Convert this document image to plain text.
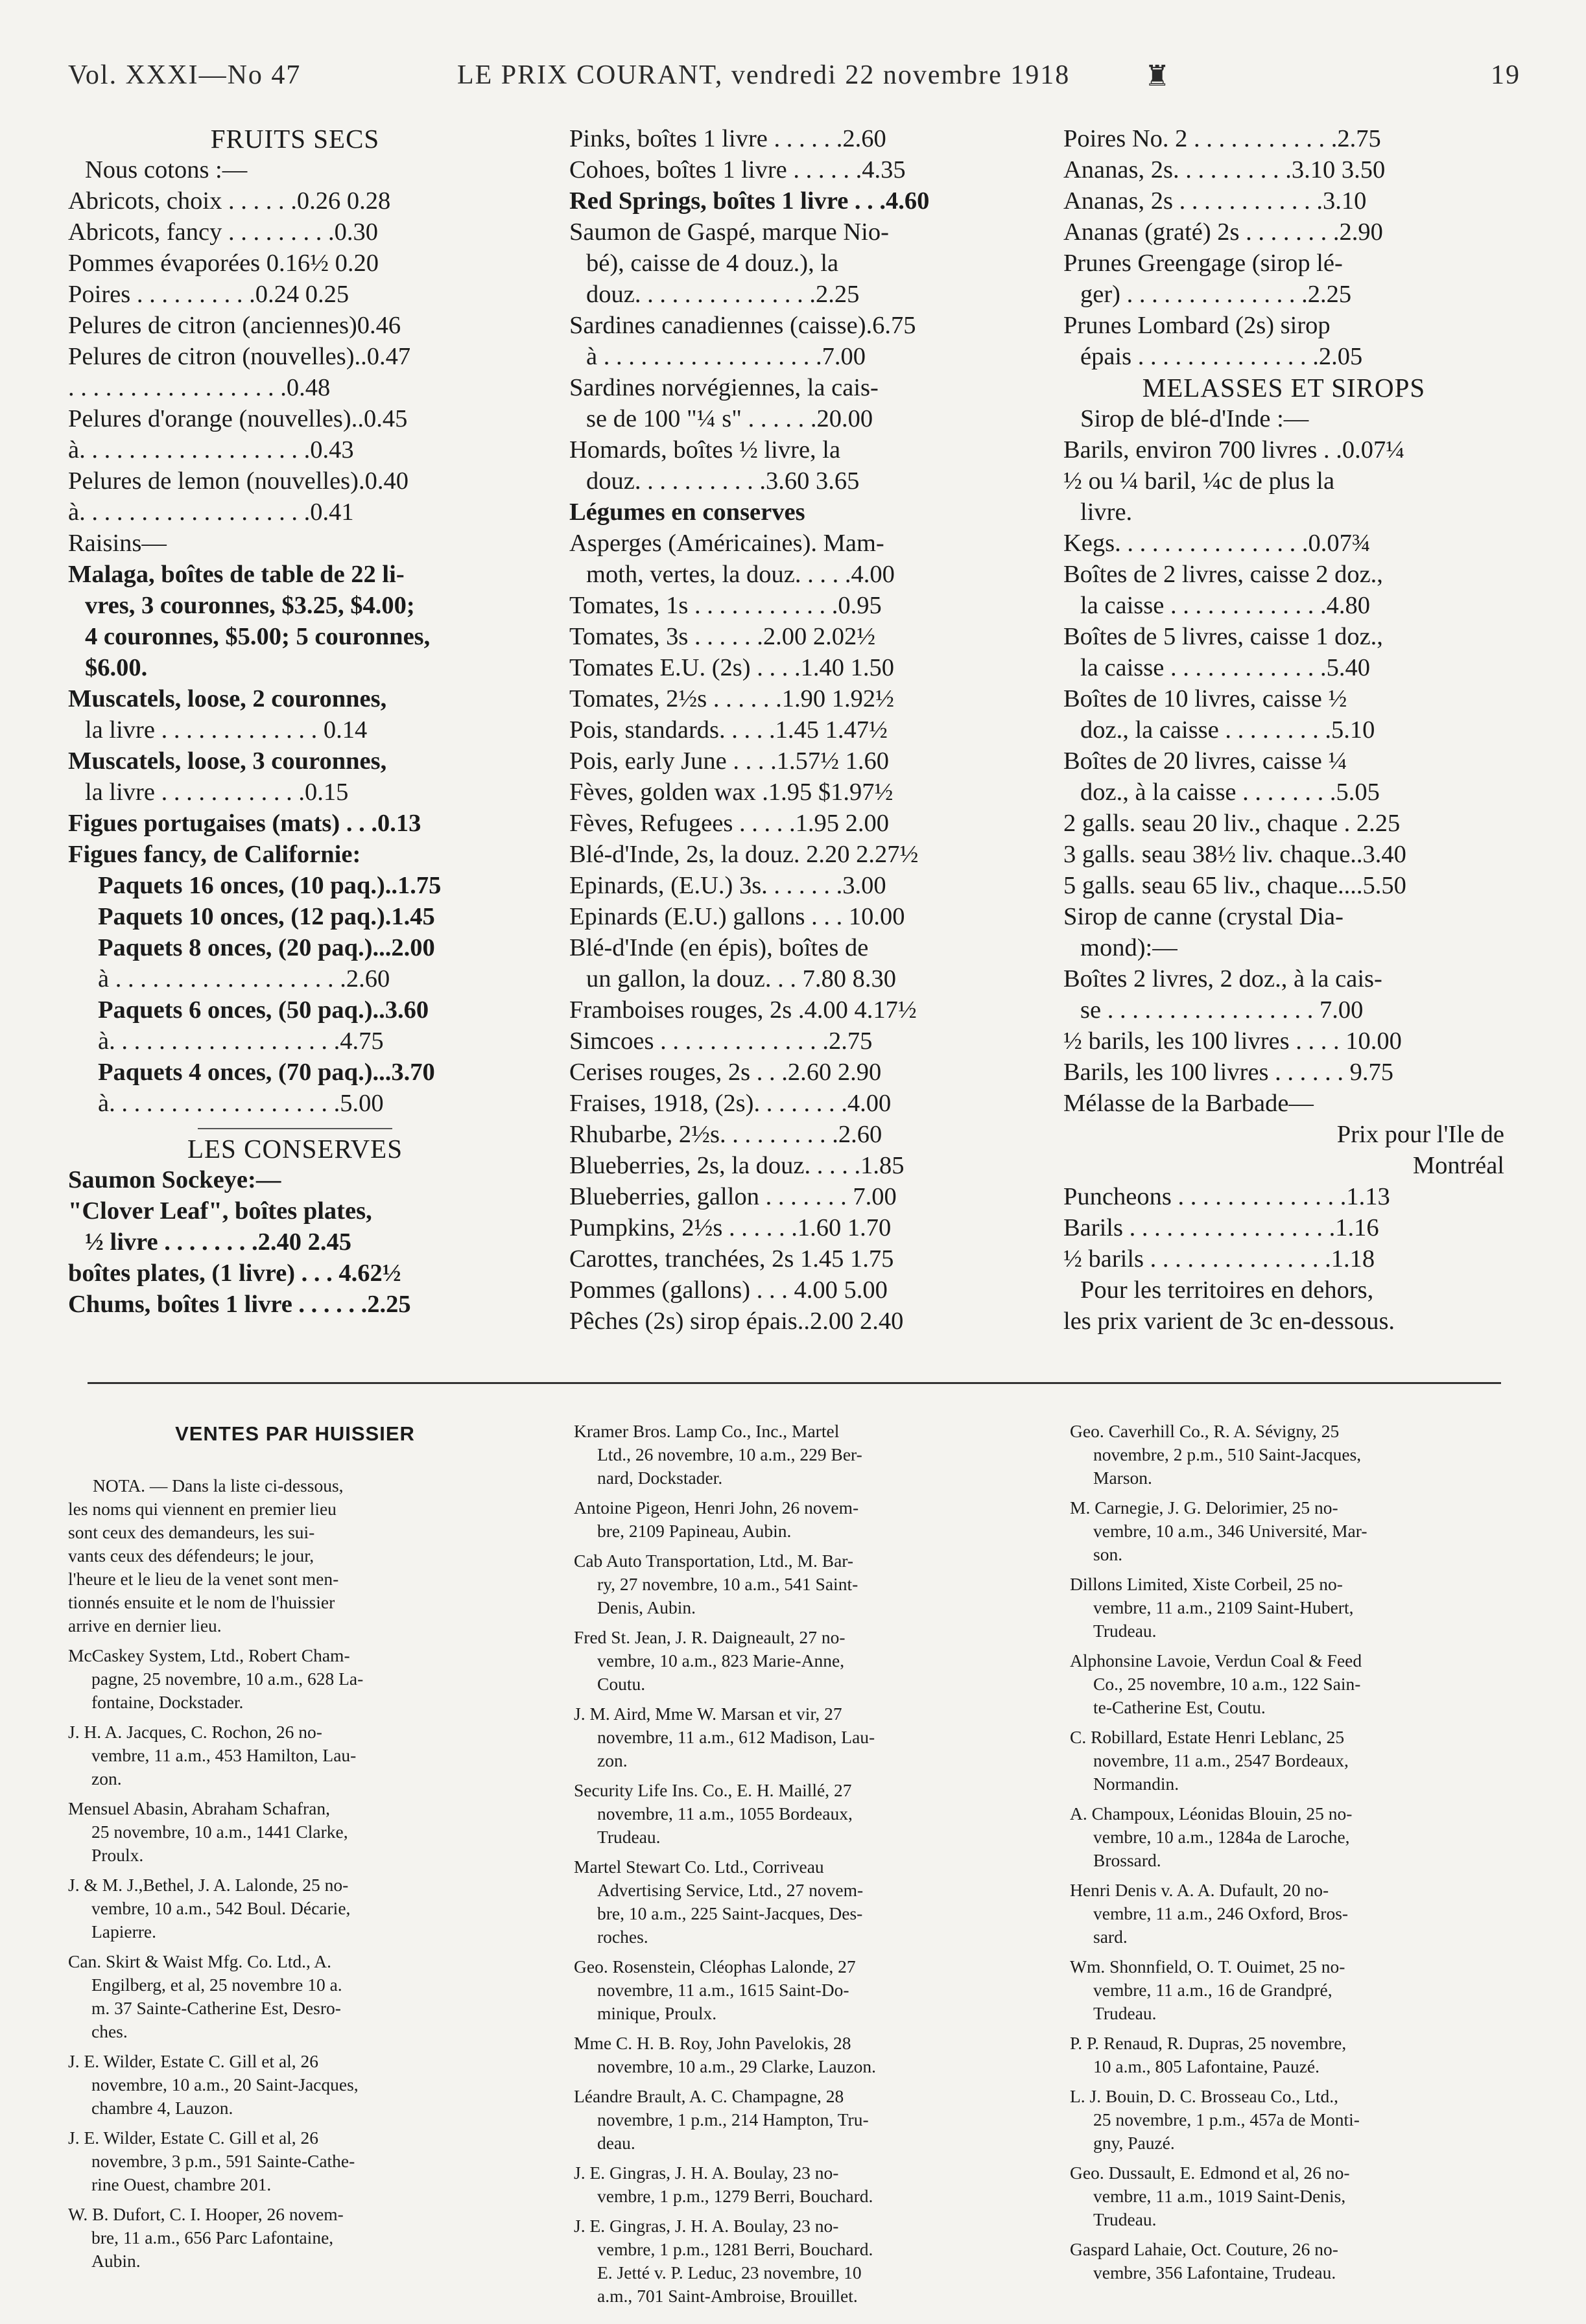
Vol. XXXI—No 47	LE PRIX COURANT, vendredi 22 novembre 1918	♜	19
FRUITS SECS
Nous cotons :—
Abricots, choix . . . . . .0.26 0.28
Abricots, fancy . . . . . . . . .0.30
Pommes évaporées 0.16½ 0.20
Poires . . . . . . . . . .0.24 0.25
Pelures de citron (anciennes)0.46
Pelures de citron (nouvelles)..0.47
. . . . . . . . . . . . . . . . . .0.48
Pelures d'orange (nouvelles)..0.45
à. . . . . . . . . . . . . . . . . . .0.43
Pelures de lemon (nouvelles).0.40
à. . . . . . . . . . . . . . . . . . .0.41
Raisins—
Malaga, boîtes de table de 22 li-
vres, 3 couronnes, $3.25, $4.00;
4 couronnes, $5.00; 5 couronnes,
$6.00.
Muscatels, loose, 2 couronnes,
la livre . . . . . . . . . . . . . 0.14
Muscatels, loose, 3 couronnes,
la livre . . . . . . . . . . . .0.15
Figues portugaises (mats) . . .0.13
Figues fancy, de Californie:
Paquets 16 onces, (10 paq.)..1.75
Paquets 10 onces, (12 paq.).1.45
Paquets 8 onces, (20 paq.)...2.00
à . . . . . . . . . . . . . . . . . . .2.60
Paquets 6 onces, (50 paq.)..3.60
à. . . . . . . . . . . . . . . . . . .4.75
Paquets 4 onces, (70 paq.)...3.70
à. . . . . . . . . . . . . . . . . . .5.00
LES CONSERVES
Saumon Sockeye:—
"Clover Leaf", boîtes plates,
½ livre . . . . . . . .2.40 2.45
boîtes plates, (1 livre) . . . 4.62½
Chums, boîtes 1 livre . . . . . .2.25
Pinks, boîtes 1 livre . . . . . .2.60
Cohoes, boîtes 1 livre . . . . . .4.35
Red Springs, boîtes 1 livre . . .4.60
Saumon de Gaspé, marque Nio-
bé), caisse de 4 douz.), la
douz. . . . . . . . . . . . . . .2.25
Sardines canadiennes (caisse).6.75
à . . . . . . . . . . . . . . . . . .7.00
Sardines norvégiennes, la cais-
se de 100 "¼ s" . . . . . .20.00
Homards, boîtes ½ livre, la
douz. . . . . . . . . . .3.60 3.65
Légumes en conserves
Asperges (Américaines). Mam-
moth, vertes, la douz. . . . .4.00
Tomates, 1s . . . . . . . . . . . .0.95
Tomates, 3s . . . . . .2.00 2.02½
Tomates E.U. (2s) . . . .1.40 1.50
Tomates, 2½s . . . . . .1.90 1.92½
Pois, standards. . . . .1.45 1.47½
Pois, early June . . . .1.57½ 1.60
Fèves, golden wax .1.95 $1.97½
Fèves, Refugees . . . . .1.95 2.00
Blé-d'Inde, 2s, la douz. 2.20 2.27½
Epinards, (E.U.) 3s. . . . . . .3.00
Epinards (E.U.) gallons . . . 10.00
Blé-d'Inde (en épis), boîtes de
un gallon, la douz. . . 7.80 8.30
Framboises rouges, 2s .4.00 4.17½
Simcoes . . . . . . . . . . . . . .2.75
Cerises rouges, 2s . . .2.60 2.90
Fraises, 1918, (2s). . . . . . . .4.00
Rhubarbe, 2½s. . . . . . . . . .2.60
Blueberries, 2s, la douz. . . . .1.85
Blueberries, gallon . . . . . . . 7.00
Pumpkins, 2½s . . . . . .1.60 1.70
Carottes, tranchées, 2s 1.45 1.75
Pommes (gallons) . . . 4.00 5.00
Pêches (2s) sirop épais..2.00 2.40
Poires No. 2 . . . . . . . . . . . .2.75
Ananas, 2s. . . . . . . . . .3.10 3.50
Ananas, 2s . . . . . . . . . . . .3.10
Ananas (graté) 2s . . . . . . . .2.90
Prunes Greengage (sirop lé-
ger) . . . . . . . . . . . . . . .2.25
Prunes Lombard (2s) sirop
épais . . . . . . . . . . . . . . .2.05
MELASSES ET SIROPS
Sirop de blé-d'Inde :—
Barils, environ 700 livres . .0.07¼
½ ou ¼ baril, ¼c de plus la
livre.
Kegs. . . . . . . . . . . . . . . .0.07¾
Boîtes de 2 livres, caisse 2 doz.,
la caisse . . . . . . . . . . . . .4.80
Boîtes de 5 livres, caisse 1 doz.,
la caisse . . . . . . . . . . . . .5.40
Boîtes de 10 livres, caisse ½
doz., la caisse . . . . . . . . .5.10
Boîtes de 20 livres, caisse ¼
doz., à la caisse . . . . . . . .5.05
2 galls. seau 20 liv., chaque . 2.25
3 galls. seau 38½ liv. chaque..3.40
5 galls. seau 65 liv., chaque....5.50
Sirop de canne (crystal Dia-
mond):—
Boîtes 2 livres, 2 doz., à la cais-
se . . . . . . . . . . . . . . . . . 7.00
½ barils, les 100 livres . . . . 10.00
Barils, les 100 livres . . . . . . 9.75
Mélasse de la Barbade—
Prix pour l'Ile de
Montréal
Puncheons . . . . . . . . . . . . . .1.13
Barils . . . . . . . . . . . . . . . . .1.16
½ barils . . . . . . . . . . . . . . .1.18
Pour les territoires en dehors,
les prix varient de 3c en-dessous.
VENTES PAR HUISSIER
NOTA. — Dans la liste ci-dessous,
les noms qui viennent en premier lieu
sont ceux des demandeurs, les sui-
vants ceux des défendeurs; le jour,
l'heure et le lieu de la venet sont men-
tionnés ensuite et le nom de l'huissier
arrive en dernier lieu.
McCaskey System, Ltd., Robert Cham-
pagne, 25 novembre, 10 a.m., 628 La-
fontaine, Dockstader.
J. H. A. Jacques, C. Rochon, 26 no-
vembre, 11 a.m., 453 Hamilton, Lau-
zon.
Mensuel Abasin, Abraham Schafran,
25 novembre, 10 a.m., 1441 Clarke,
Proulx.
J. & M. J.,Bethel, J. A. Lalonde, 25 no-
vembre, 10 a.m., 542 Boul. Décarie,
Lapierre.
Can. Skirt & Waist Mfg. Co. Ltd., A.
Engilberg, et al, 25 novembre 10 a.
m. 37 Sainte-Catherine Est, Desro-
ches.
J. E. Wilder, Estate C. Gill et al, 26
novembre, 10 a.m., 20 Saint-Jacques,
chambre 4, Lauzon.
J. E. Wilder, Estate C. Gill et al, 26
novembre, 3 p.m., 591 Sainte-Cathe-
rine Ouest, chambre 201.
W. B. Dufort, C. I. Hooper, 26 novem-
bre, 11 a.m., 656 Parc Lafontaine,
Aubin.
Kramer Bros. Lamp Co., Inc., Martel
Ltd., 26 novembre, 10 a.m., 229 Ber-
nard, Dockstader.
Antoine Pigeon, Henri John, 26 novem-
bre, 2109 Papineau, Aubin.
Cab Auto Transportation, Ltd., M. Bar-
ry, 27 novembre, 10 a.m., 541 Saint-
Denis, Aubin.
Fred St. Jean, J. R. Daigneault, 27 no-
vembre, 10 a.m., 823 Marie-Anne,
Coutu.
J. M. Aird, Mme W. Marsan et vir, 27
novembre, 11 a.m., 612 Madison, Lau-
zon.
Security Life Ins. Co., E. H. Maillé, 27
novembre, 11 a.m., 1055 Bordeaux,
Trudeau.
Martel Stewart Co. Ltd., Corriveau
Advertising Service, Ltd., 27 novem-
bre, 10 a.m., 225 Saint-Jacques, Des-
roches.
Geo. Rosenstein, Cléophas Lalonde, 27
novembre, 11 a.m., 1615 Saint-Do-
minique, Proulx.
Mme C. H. B. Roy, John Pavelokis, 28
novembre, 10 a.m., 29 Clarke, Lauzon.
Léandre Brault, A. C. Champagne, 28
novembre, 1 p.m., 214 Hampton, Tru-
deau.
J. E. Gingras, J. H. A. Boulay, 23 no-
vembre, 1 p.m., 1279 Berri, Bouchard.
J. E. Gingras, J. H. A. Boulay, 23 no-
vembre, 1 p.m., 1281 Berri, Bouchard.
E. Jetté v. P. Leduc, 23 novembre, 10
a.m., 701 Saint-Ambroise, Brouillet.
Geo. Caverhill Co., R. A. Sévigny, 25
novembre, 2 p.m., 510 Saint-Jacques,
Marson.
M. Carnegie, J. G. Delorimier, 25 no-
vembre, 10 a.m., 346 Université, Mar-
son.
Dillons Limited, Xiste Corbeil, 25 no-
vembre, 11 a.m., 2109 Saint-Hubert,
Trudeau.
Alphonsine Lavoie, Verdun Coal & Feed
Co., 25 novembre, 10 a.m., 122 Sain-
te-Catherine Est, Coutu.
C. Robillard, Estate Henri Leblanc, 25
novembre, 11 a.m., 2547 Bordeaux,
Normandin.
A. Champoux, Léonidas Blouin, 25 no-
vembre, 10 a.m., 1284a de Laroche,
Brossard.
Henri Denis v. A. A. Dufault, 20 no-
vembre, 11 a.m., 246 Oxford, Bros-
sard.
Wm. Shonnfield, O. T. Ouimet, 25 no-
vembre, 11 a.m., 16 de Grandpré,
Trudeau.
P. P. Renaud, R. Dupras, 25 novembre,
10 a.m., 805 Lafontaine, Pauzé.
L. J. Bouin, D. C. Brosseau Co., Ltd.,
25 novembre, 1 p.m., 457a de Monti-
gny, Pauzé.
Geo. Dussault, E. Edmond et al, 26 no-
vembre, 11 a.m., 1019 Saint-Denis,
Trudeau.
Gaspard Lahaie, Oct. Couture, 26 no-
vembre, 356 Lafontaine, Trudeau.
